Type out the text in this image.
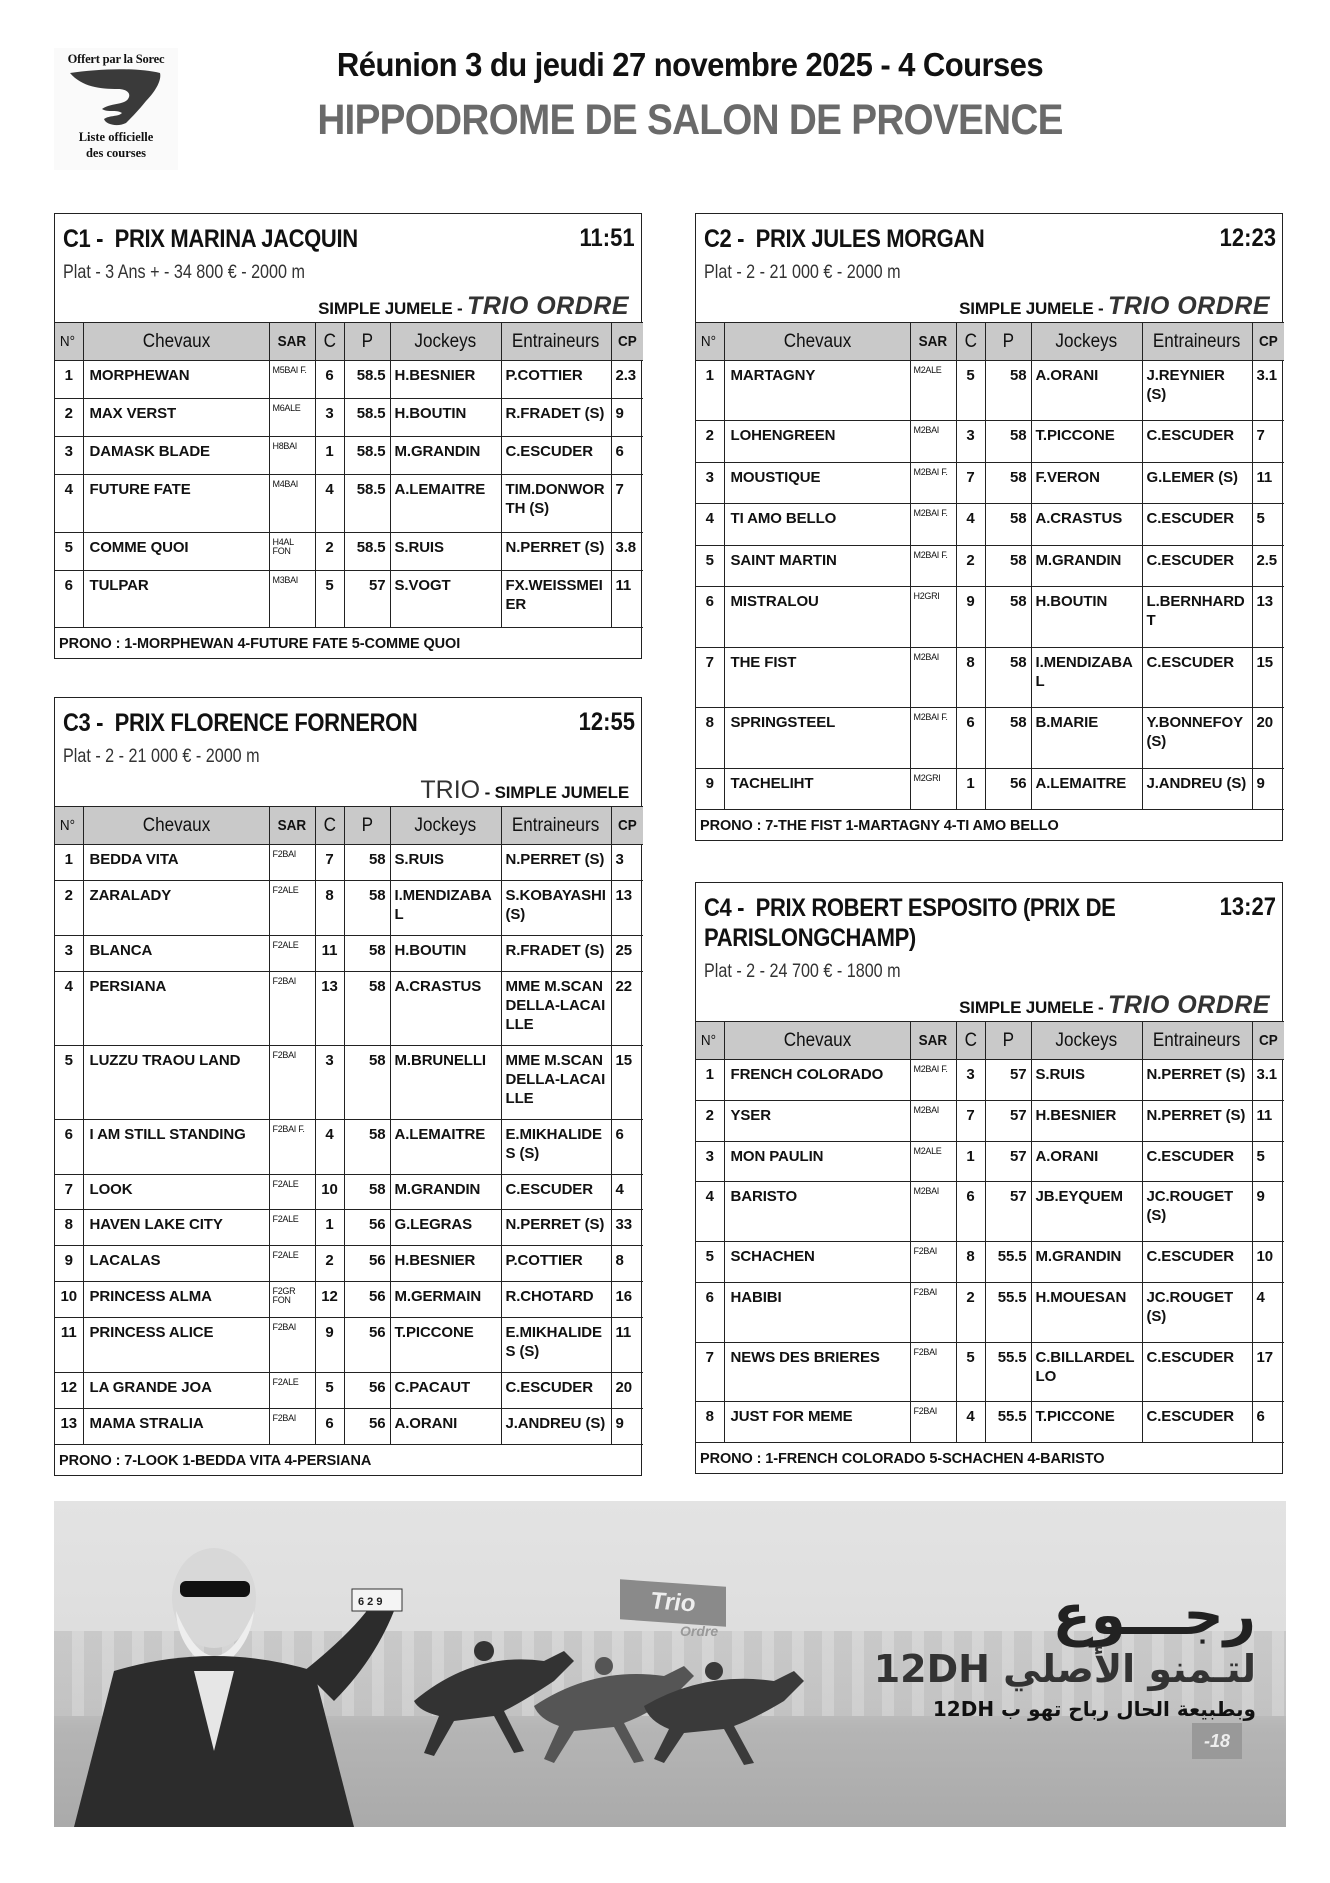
Offert par la Sorec
Liste officielle
des courses
Réunion 3 du jeudi 27 novembre 2025 - 4 Courses
HIPPODROME DE SALON DE PROVENCE
C1 - PRIX MARINA JACQUIN	11:51
Plat - 3 Ans + - 34 800 € - 2000 m
SIMPLE JUMELE - TRIO ORDRE
N°	Chevaux	SAR	C	P	Jockeys	Entraineurs	CP
1	MORPHEWAN	M5BAI F.	6	58.5	H.BESNIER	P.COTTIER	2.3
2	MAX VERST	M6ALE	3	58.5	H.BOUTIN	R.FRADET (S)	9
3	DAMASK BLADE	H8BAI	1	58.5	M.GRANDIN	C.ESCUDER	6
4	FUTURE FATE	M4BAI	4	58.5	A.LEMAITRE	TIM.DONWORTH (S)	7
5	COMME QUOI	H4AL FON	2	58.5	S.RUIS	N.PERRET (S)	3.8
6	TULPAR	M3BAI	5	57	S.VOGT	FX.WEISSMEIER	11
PRONO : 1-MORPHEWAN 4-FUTURE FATE 5-COMME QUOI
C2 - PRIX JULES MORGAN	12:23
Plat - 2 - 21 000 € - 2000 m
SIMPLE JUMELE - TRIO ORDRE
N°	Chevaux	SAR	C	P	Jockeys	Entraineurs	CP
1	MARTAGNY	M2ALE	5	58	A.ORANI	J.REYNIER (S)	3.1
2	LOHENGREEN	M2BAI	3	58	T.PICCONE	C.ESCUDER	7
3	MOUSTIQUE	M2BAI F.	7	58	F.VERON	G.LEMER (S)	11
4	TI AMO BELLO	M2BAI F.	4	58	A.CRASTUS	C.ESCUDER	5
5	SAINT MARTIN	M2BAI F.	2	58	M.GRANDIN	C.ESCUDER	2.5
6	MISTRALOU	H2GRI	9	58	H.BOUTIN	L.BERNHARDT	13
7	THE FIST	M2BAI	8	58	I.MENDIZABAL	C.ESCUDER	15
8	SPRINGSTEEL	M2BAI F.	6	58	B.MARIE	Y.BONNEFOY (S)	20
9	TACHELIHT	M2GRI	1	56	A.LEMAITRE	J.ANDREU (S)	9
PRONO : 7-THE FIST 1-MARTAGNY 4-TI AMO BELLO
C3 - PRIX FLORENCE FORNERON	12:55
Plat - 2 - 21 000 € - 2000 m
TRIO - SIMPLE JUMELE
N°	Chevaux	SAR	C	P	Jockeys	Entraineurs	CP
1	BEDDA VITA	F2BAI	7	58	S.RUIS	N.PERRET (S)	3
2	ZARALADY	F2ALE	8	58	I.MENDIZABAL	S.KOBAYASHI (S)	13
3	BLANCA	F2ALE	11	58	H.BOUTIN	R.FRADET (S)	25
4	PERSIANA	F2BAI	13	58	A.CRASTUS	MME M.SCANDELLA-LACAILLE	22
5	LUZZU TRAOU LAND	F2BAI	3	58	M.BRUNELLI	MME M.SCANDELLA-LACAILLE	15
6	I AM STILL STANDING	F2BAI F.	4	58	A.LEMAITRE	E.MIKHALIDES (S)	6
7	LOOK	F2ALE	10	58	M.GRANDIN	C.ESCUDER	4
8	HAVEN LAKE CITY	F2ALE	1	56	G.LEGRAS	N.PERRET (S)	33
9	LACALAS	F2ALE	2	56	H.BESNIER	P.COTTIER	8
10	PRINCESS ALMA	F2GR FON	12	56	M.GERMAIN	R.CHOTARD	16
11	PRINCESS ALICE	F2BAI	9	56	T.PICCONE	E.MIKHALIDES (S)	11
12	LA GRANDE JOA	F2ALE	5	56	C.PACAUT	C.ESCUDER	20
13	MAMA STRALIA	F2BAI	6	56	A.ORANI	J.ANDREU (S)	9
PRONO : 7-LOOK 1-BEDDA VITA 4-PERSIANA
C4 - PRIX ROBERT ESPOSITO (PRIX DE PARISLONGCHAMP)
13:27
Plat - 2 - 24 700 € - 1800 m
SIMPLE JUMELE - TRIO ORDRE
N°	Chevaux	SAR	C	P	Jockeys	Entraineurs	CP
1	FRENCH COLORADO	M2BAI F.	3	57	S.RUIS	N.PERRET (S)	3.1
2	YSER	M2BAI	7	57	H.BESNIER	N.PERRET (S)	11
3	MON PAULIN	M2ALE	1	57	A.ORANI	C.ESCUDER	5
4	BARISTO	M2BAI	6	57	JB.EYQUEM	JC.ROUGET (S)	9
5	SCHACHEN	F2BAI	8	55.5	M.GRANDIN	C.ESCUDER	10
6	HABIBI	F2BAI	2	55.5	H.MOUESAN	JC.ROUGET (S)	4
7	NEWS DES BRIERES	F2BAI	5	55.5	C.BILLARDELLO	C.ESCUDER	17
8	JUST FOR MEME	F2BAI	4	55.5	T.PICCONE	C.ESCUDER	6
PRONO : 1-FRENCH COLORADO 5-SCHACHEN 4-BARISTO
Trio
Ordre
6 2 9	رجـــوع
لتـمنو الأصلي 12DH
وبطبيعة الحال رباح تهو ب 12DH
-18
